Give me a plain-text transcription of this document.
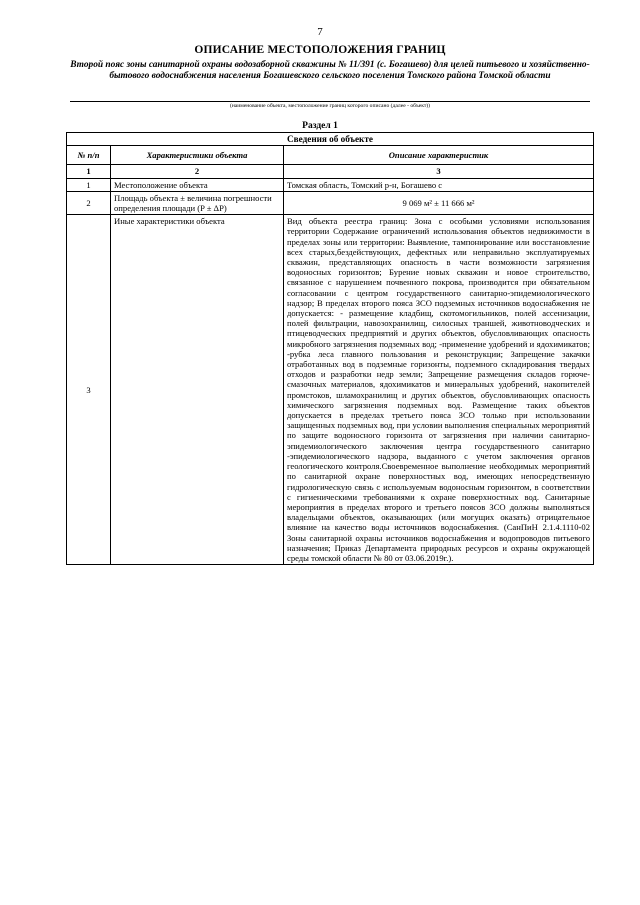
7
ОПИСАНИЕ МЕСТОПОЛОЖЕНИЯ ГРАНИЦ
Второй пояс зоны санитарной охраны водозаборной скважины № 11/391 (с. Богашево) для целей питьевого и хозяйственно-бытового водоснабжения населения Богашевского сельского поселения Томского района Томской области
(наименование объекта, местоположение границ которого описано (далее - объект))
Раздел 1
Сведения об объекте		
№ п/п	Характеристики объекта	Описание характеристик
1	2	3
1	Местоположение объекта	Томская область, Томский р-н, Богашево с
2	Площадь объекта ± величина погрешности определения площади (P ± ΔP)	9 069 м² ± 11 666 м²
3	Иные характеристики объекта	Вид объекта реестра границ: Зона с особыми условиями использования территории Содержание ограничений использования объектов недвижимости в пределах зоны или территории: Выявление, тампонирование или восстановление всех старых,бездействующих, дефектных или неправильно эксплуатируемых скважин, представляющих опасность в части возможности загрязнения водоносных горизонтов; Бурение новых скважин и новое строительство, связанное с нарушением почвенного покрова, производится при обязательном согласовании с центром государственного санитарно-эпидемиологического надзор; В пределах второго пояса ЗСО подземных источников водоснабжения не допускается: - размещение кладбищ, скотомогильников, полей ассенизации, полей фильтрации, навозохранилищ, силосных траншей, животноводческих и птицеводческих предприятий и других объектов, обусловливающих опасность микробного загрязнения подземных вод; -применение удобрений и ядохимикатов; -рубка леса главного пользования и реконструкции; Запрещение закачки отработанных вод в подземные горизонты, подземного складирования твердых отходов и разработки недр земли; Запрещение размещения складов горюче-смазочных материалов, ядохимикатов и минеральных удобрений, накопителей промстоков, шламохранилищ и других объектов, обусловливающих опасность химического загрязнения подземных вод. Размещение таких объектов допускается в пределах третьего пояса ЗСО только при использовании защищенных подземных вод, при условии выполнения специальных мероприятий по защите водоносного горизонта от загрязнения при наличии санитарно-эпидемиологического заключения центра государственного санитарно -эпидемиологического надзора, выданного с учетом заключения органов геологического контроля.Своевременное выполнение необходимых мероприятий по санитарной охране поверхностных вод, имеющих непосредственную гидрологическую связь с используемым водоносным горизонтом, в соответствии с гигиеническими требованиями к охране поверхностных вод. Санитарные мероприятия в пределах второго и третьего поясов ЗСО должны выполняться владельцами объектов, оказывающих (или могущих оказать) отрицательное влияние на качество воды источников водоснабжения. (СанПиН 2.1.4.1110-02 Зоны санитарной охраны источников водоснабжения и водопроводов питьевого назначения; Приказ Департамента природных ресурсов и охраны окружающей среды томской области № 80 от 03.06.2019г.).
